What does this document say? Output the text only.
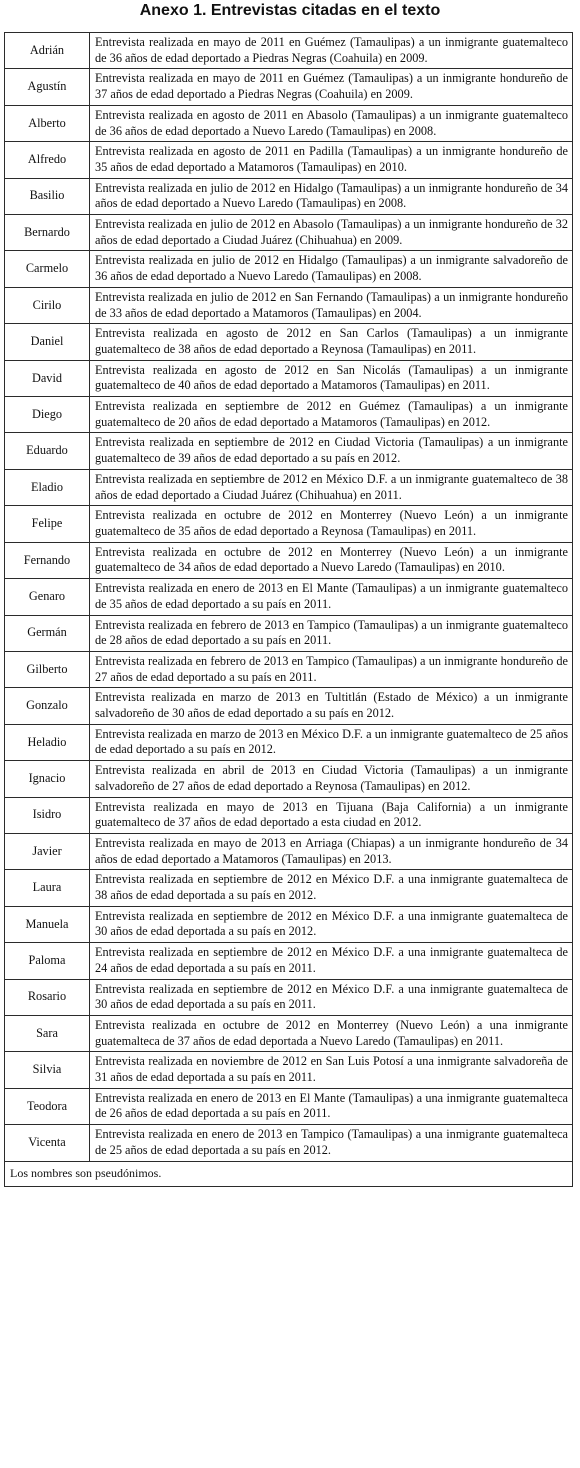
Anexo 1. Entrevistas citadas en el texto
Adrián	Entrevista realizada en mayo de 2011 en Guémez (Tamaulipas) a un inmigrante guatemalteco de 36 años de edad deportado a Piedras Negras (Coahuila) en 2009.
Agustín	Entrevista realizada en mayo de 2011 en Guémez (Tamaulipas) a un inmigrante hondureño de 37 años de edad deportado a Piedras Negras (Coahuila) en 2009.
Alberto	Entrevista realizada en agosto de 2011 en Abasolo (Tamaulipas) a un inmigrante guatemalteco de 36 años de edad deportado a Nuevo Laredo (Tamaulipas) en 2008.
Alfredo	Entrevista realizada en agosto de 2011 en Padilla (Tamaulipas) a un inmigrante hondureño de 35 años de edad deportado a Matamoros (Tamaulipas) en 2010.
Basilio	Entrevista realizada en julio de 2012 en Hidalgo (Tamaulipas) a un inmigrante hondureño de 34 años de edad deportado a Nuevo Laredo (Tamaulipas) en 2008.
Bernardo	Entrevista realizada en julio de 2012 en Abasolo (Tamaulipas) a un inmigrante hondureño de 32 años de edad deportado a Ciudad Juárez (Chihuahua) en 2009.
Carmelo	Entrevista realizada en julio de 2012 en Hidalgo (Tamaulipas) a un inmigrante salvadoreño de 36 años de edad deportado a Nuevo Laredo (Tamaulipas) en 2008.
Cirilo	Entrevista realizada en julio de 2012 en San Fernando (Tamaulipas) a un inmigrante hondureño de 33 años de edad deportado a Matamoros (Tamaulipas) en 2004.
Daniel	Entrevista realizada en agosto de 2012 en San Carlos (Tamaulipas) a un inmigrante guatemalteco de 38 años de edad deportado a Reynosa (Tamaulipas) en 2011.
David	Entrevista realizada en agosto de 2012 en San Nicolás (Tamaulipas) a un inmigrante guatemalteco de 40 años de edad deportado a Matamoros (Tamaulipas) en 2011.
Diego	Entrevista realizada en septiembre de 2012 en Guémez (Tamaulipas) a un inmigrante guatemalteco de 20 años de edad deportado a Matamoros (Tamaulipas) en 2012.
Eduardo	Entrevista realizada en septiembre de 2012 en Ciudad Victoria (Tamaulipas) a un inmigrante guatemalteco de 39 años de edad deportado a su país en 2012.
Eladio	Entrevista realizada en septiembre de 2012 en México D.F. a un inmigrante guatemalteco de 38 años de edad deportado a Ciudad Juárez (Chihuahua) en 2011.
Felipe	Entrevista realizada en octubre de 2012 en Monterrey (Nuevo León) a un inmigrante guatemalteco de 35 años de edad deportado a Reynosa (Tamaulipas) en 2011.
Fernando	Entrevista realizada en octubre de 2012 en Monterrey (Nuevo León) a un inmigrante guatemalteco de 34 años de edad deportado a Nuevo Laredo (Tamaulipas) en 2010.
Genaro	Entrevista realizada en enero de 2013 en El Mante (Tamaulipas) a un inmigrante guatemalteco de 35 años de edad deportado a su país en 2011.
Germán	Entrevista realizada en febrero de 2013 en Tampico (Tamaulipas) a un inmigrante guatemalteco de 28 años de edad deportado a su país en 2011.
Gilberto	Entrevista realizada en febrero de 2013 en Tampico (Tamaulipas) a un inmigrante hondureño de 27 años de edad deportado a su país en 2011.
Gonzalo	Entrevista realizada en marzo de 2013 en Tultitlán (Estado de México) a un inmigrante salvadoreño de 30 años de edad deportado a su país en 2012.
Heladio	Entrevista realizada en marzo de 2013 en México D.F. a un inmigrante guatemalteco de 25 años de edad deportado a su país en 2012.
Ignacio	Entrevista realizada en abril de 2013 en Ciudad Victoria (Tamaulipas) a un inmigrante salvadoreño de 27 años de edad deportado a Reynosa (Tamaulipas) en 2012.
Isidro	Entrevista realizada en mayo de 2013 en Tijuana (Baja California) a un inmigrante guatemalteco de 37 años de edad deportado a esta ciudad en 2012.
Javier	Entrevista realizada en mayo de 2013 en Arriaga (Chiapas) a un inmigrante hondureño de 34 años de edad deportado a Matamoros (Tamaulipas) en 2013.
Laura	Entrevista realizada en septiembre de 2012 en México D.F. a una inmigrante guatemalteca de 38 años de edad deportada a su país en 2012.
Manuela	Entrevista realizada en septiembre de 2012 en México D.F. a una inmigrante guatemalteca de 30 años de edad deportada a su país en 2012.
Paloma	Entrevista realizada en septiembre de 2012 en México D.F. a una inmigrante guatemalteca de 24 años de edad deportada a su país en 2011.
Rosario	Entrevista realizada en septiembre de 2012 en México D.F. a una inmigrante guatemalteca de 30 años de edad deportada a su país en 2011.
Sara	Entrevista realizada en octubre de 2012 en Monterrey (Nuevo León) a una inmigrante guatemalteca de 37 años de edad deportada a Nuevo Laredo (Tamaulipas) en 2011.
Silvia	Entrevista realizada en noviembre de 2012 en San Luis Potosí a una inmigrante salvadoreña de 31 años de edad deportada a su país en 2011.
Teodora	Entrevista realizada en enero de 2013 en El Mante (Tamaulipas) a una inmigrante guatemalteca de 26 años de edad deportada a su país en 2011.
Vicenta	Entrevista realizada en enero de 2013 en Tampico (Tamaulipas) a una inmigrante guatemalteca de 25 años de edad deportada a su país en 2012.
Los nombres son pseudónimos.	
